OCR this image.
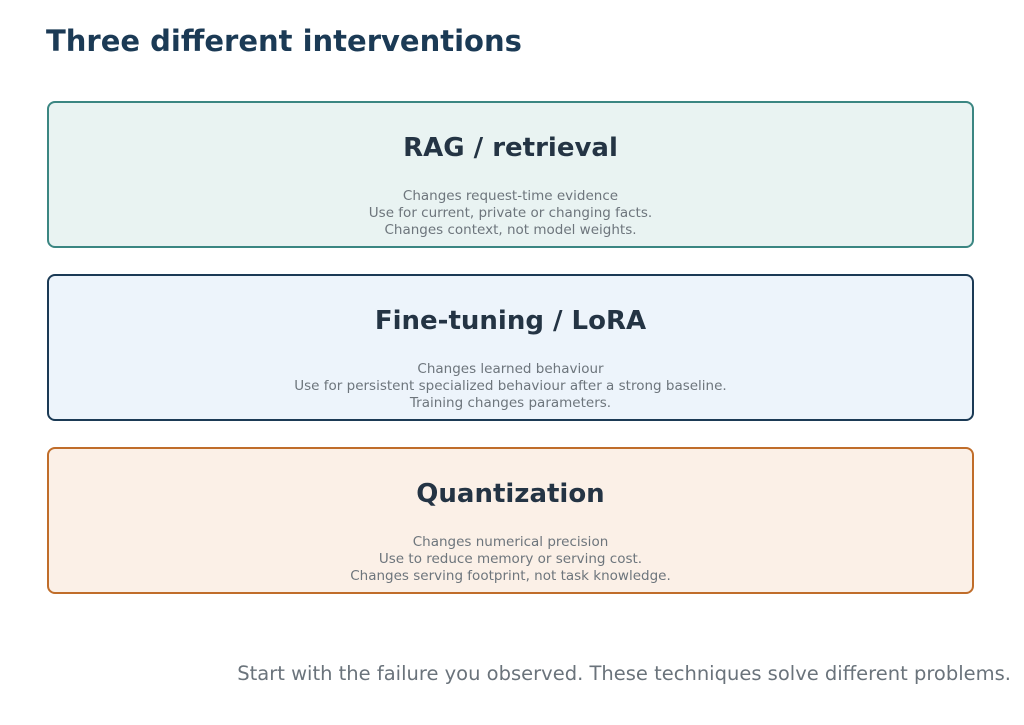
Three different interventions
RAG / retrieval
Changes request-time evidence
Use for current, private or changing facts.
Changes context, not model weights.
Fine-tuning / LoRA
Changes learned behaviour
Use for persistent specialized behaviour after a strong baseline.
Training changes parameters.
Quantization
Changes numerical precision
Use to reduce memory or serving cost.
Changes serving footprint, not task knowledge.
Start with the failure you observed. These techniques solve different problems.
